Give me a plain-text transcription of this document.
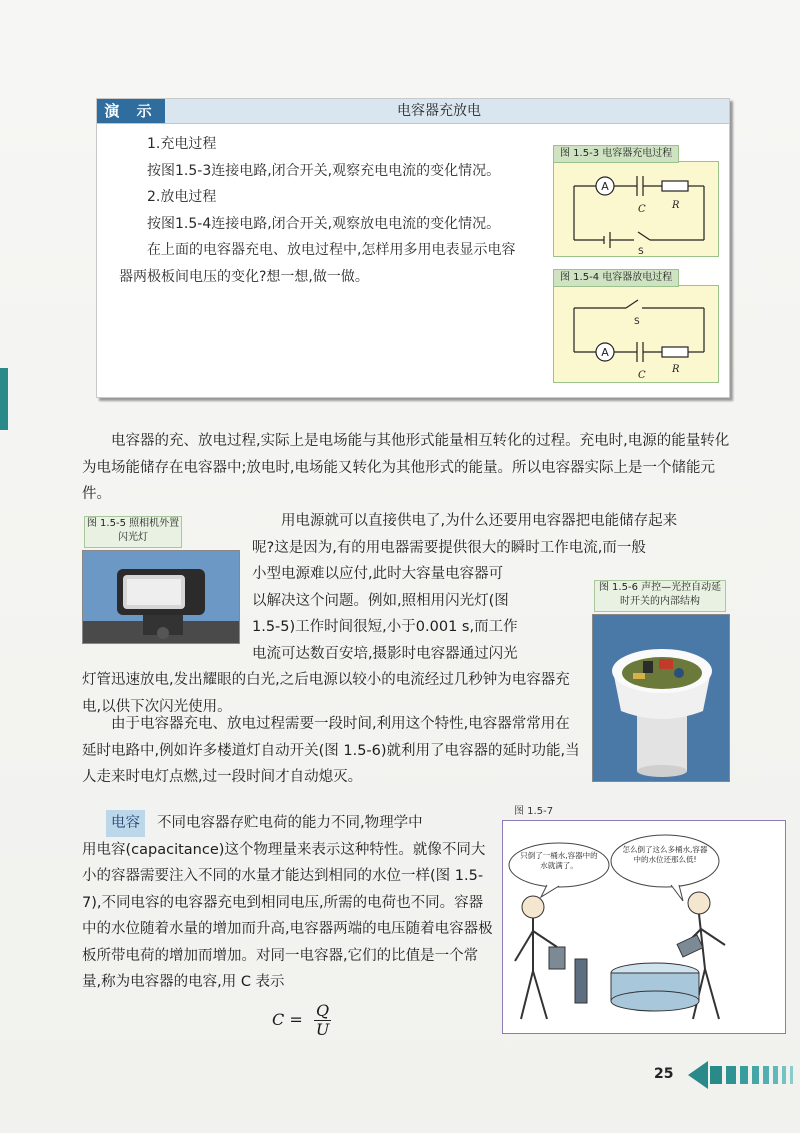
演 示	电容器充放电

1.充电过程

按图1.5-3连接电路,闭合开关,观察充电电流的变化情况。

2.放电过程

按图1.5-4连接电路,闭合开关,观察放电电流的变化情况。

在上面的电容器充电、放电过程中,怎样用多用电表显示电容器两极板间电压的变化?想一想,做一做。

A
C	R
S
图 1.5-3 电容器充电过程
A
S
C
R
图 1.5-4 电容器放电过程

电容器的充、放电过程,实际上是电场能与其他形式能量相互转化的过程。充电时,电源的能量转化为电场能储存在电容器中;放电时,电场能又转化为其他形式的能量。所以电容器实际上是一个储能元件。

图 1.5-5 照相机外置闪光灯

用电源就可以直接供电了,为什么还要用电容器把电能储存起来

呢?这是因为,有的用电器需要提供很大的瞬时工作电流,而一般

小型电源难以应付,此时大容量电容器可

以解决这个问题。例如,照相用闪光灯(图

1.5-5)工作时间很短,小于0.001 s,而工作

电流可达数百安培,摄影时电容器通过闪光

灯管迅速放电,发出耀眼的白光,之后电源以较小的电流经过几秒钟为电容器充电,以供下次闪光使用。

图 1.5-6 声控—光控自动延时开关的内部结构

由于电容器充电、放电过程需要一段时间,利用这个特性,电容器常常用在延时电路中,例如许多楼道灯自动开关(图 1.5-6)就利用了电容器的延时功能,当人走来时电灯点燃,过一段时间才自动熄灭。

电容 不同电容器存贮电荷的能力不同,物理学中

用电容(capacitance)这个物理量来表示这种特性。就像不同大小的容器需要注入不同的水量才能达到相同的水位一样(图 1.5-7),不同电容的电容器充电到相同电压,所需的电荷也不同。容器中的水位随着水量的增加而升高,电容器两端的电压随着电容器极板所带电荷的增加而增加。对同一电容器,它们的比值是一个常量,称为电容器的电容,用 C 表示

$C = \frac{Q}{U}$
图 1.5-7
只倒了一桶水,容器中的水就满了。
怎么倒了这么多桶水,容器中的水位还那么低!
25
